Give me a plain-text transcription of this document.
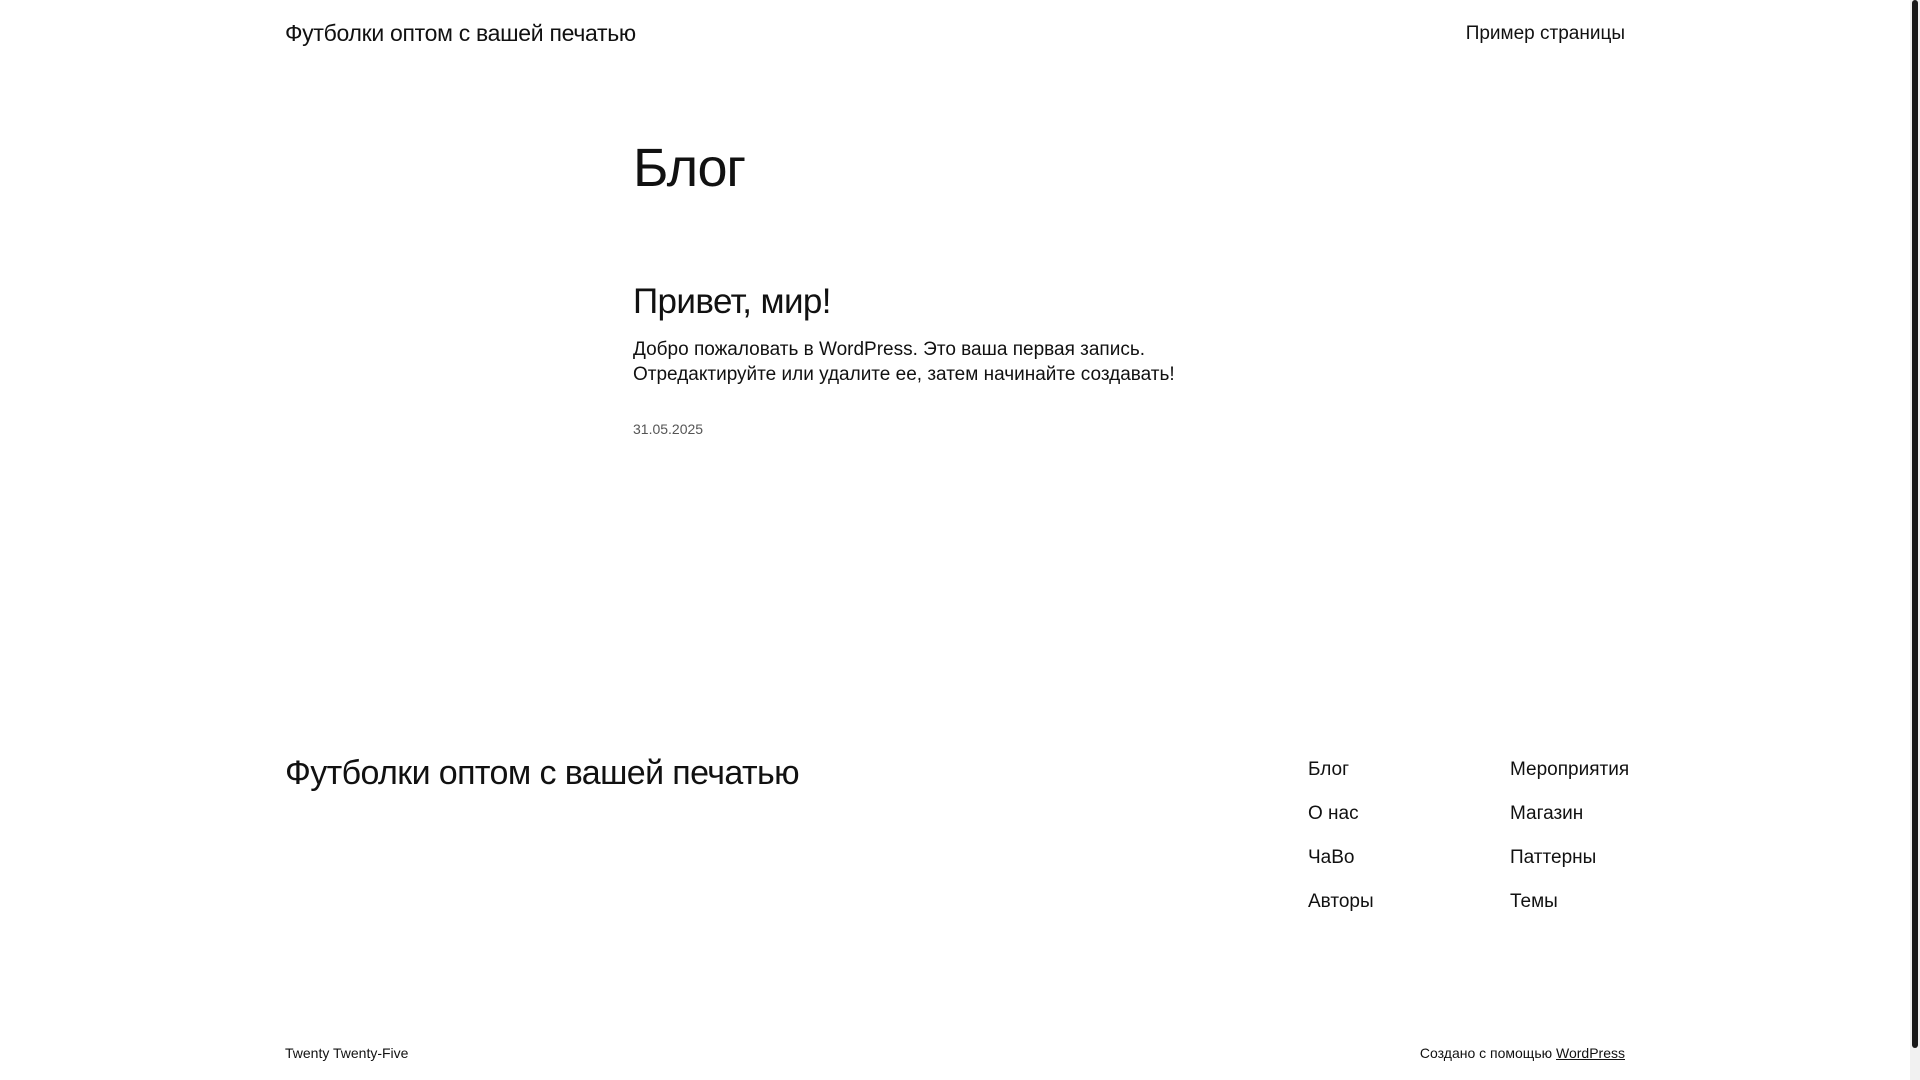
Футболки оптом с вашей печатью	Пример страницы
Блог
Привет, мир!

Добро пожаловать в WordPress. Это ваша первая запись. Отредактируйте или удалите ее, затем начинайте создавать!

31.05.2025
Футболки оптом с вашей печатью	Блог
О нас
ЧаВо
Авторы
Мероприятия
Магазин
Паттерны
Темы
Twenty Twenty-Five	Создано с помощью WordPress
